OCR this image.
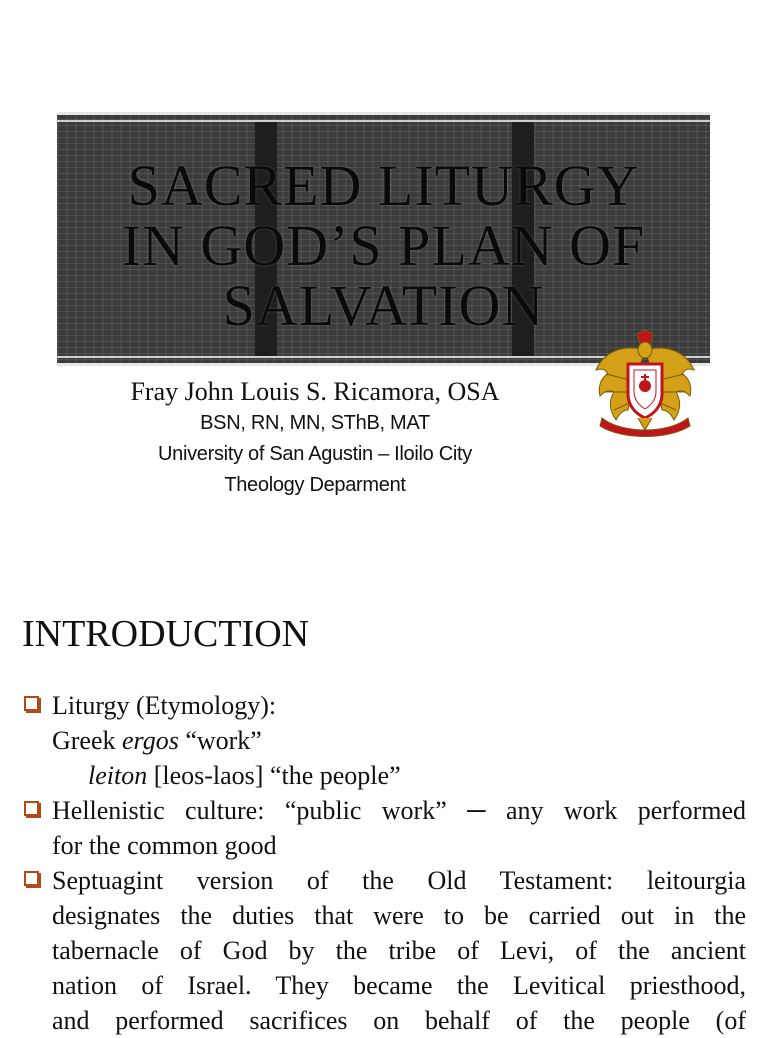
SACRED LITURGY
IN GOD’S PLAN OF
SALVATION
Fray John Louis S. Ricamora, OSA
BSN, RN, MN, SThB, MAT
University of San Agustin – Iloilo City
Theology Deparment
INTRODUCTION
Liturgy (Etymology):
Greek ergos “work”
leiton [leos-laos] “the people”
Hellenistic culture: “public work” ─ any work performed
for the common good
Septuagint version of the Old Testament: leitourgia
designates the duties that were to be carried out in the
tabernacle of God by the tribe of Levi, of the ancient
nation of Israel. They became the Levitical priesthood,
and performed sacrifices on behalf of the people (of
